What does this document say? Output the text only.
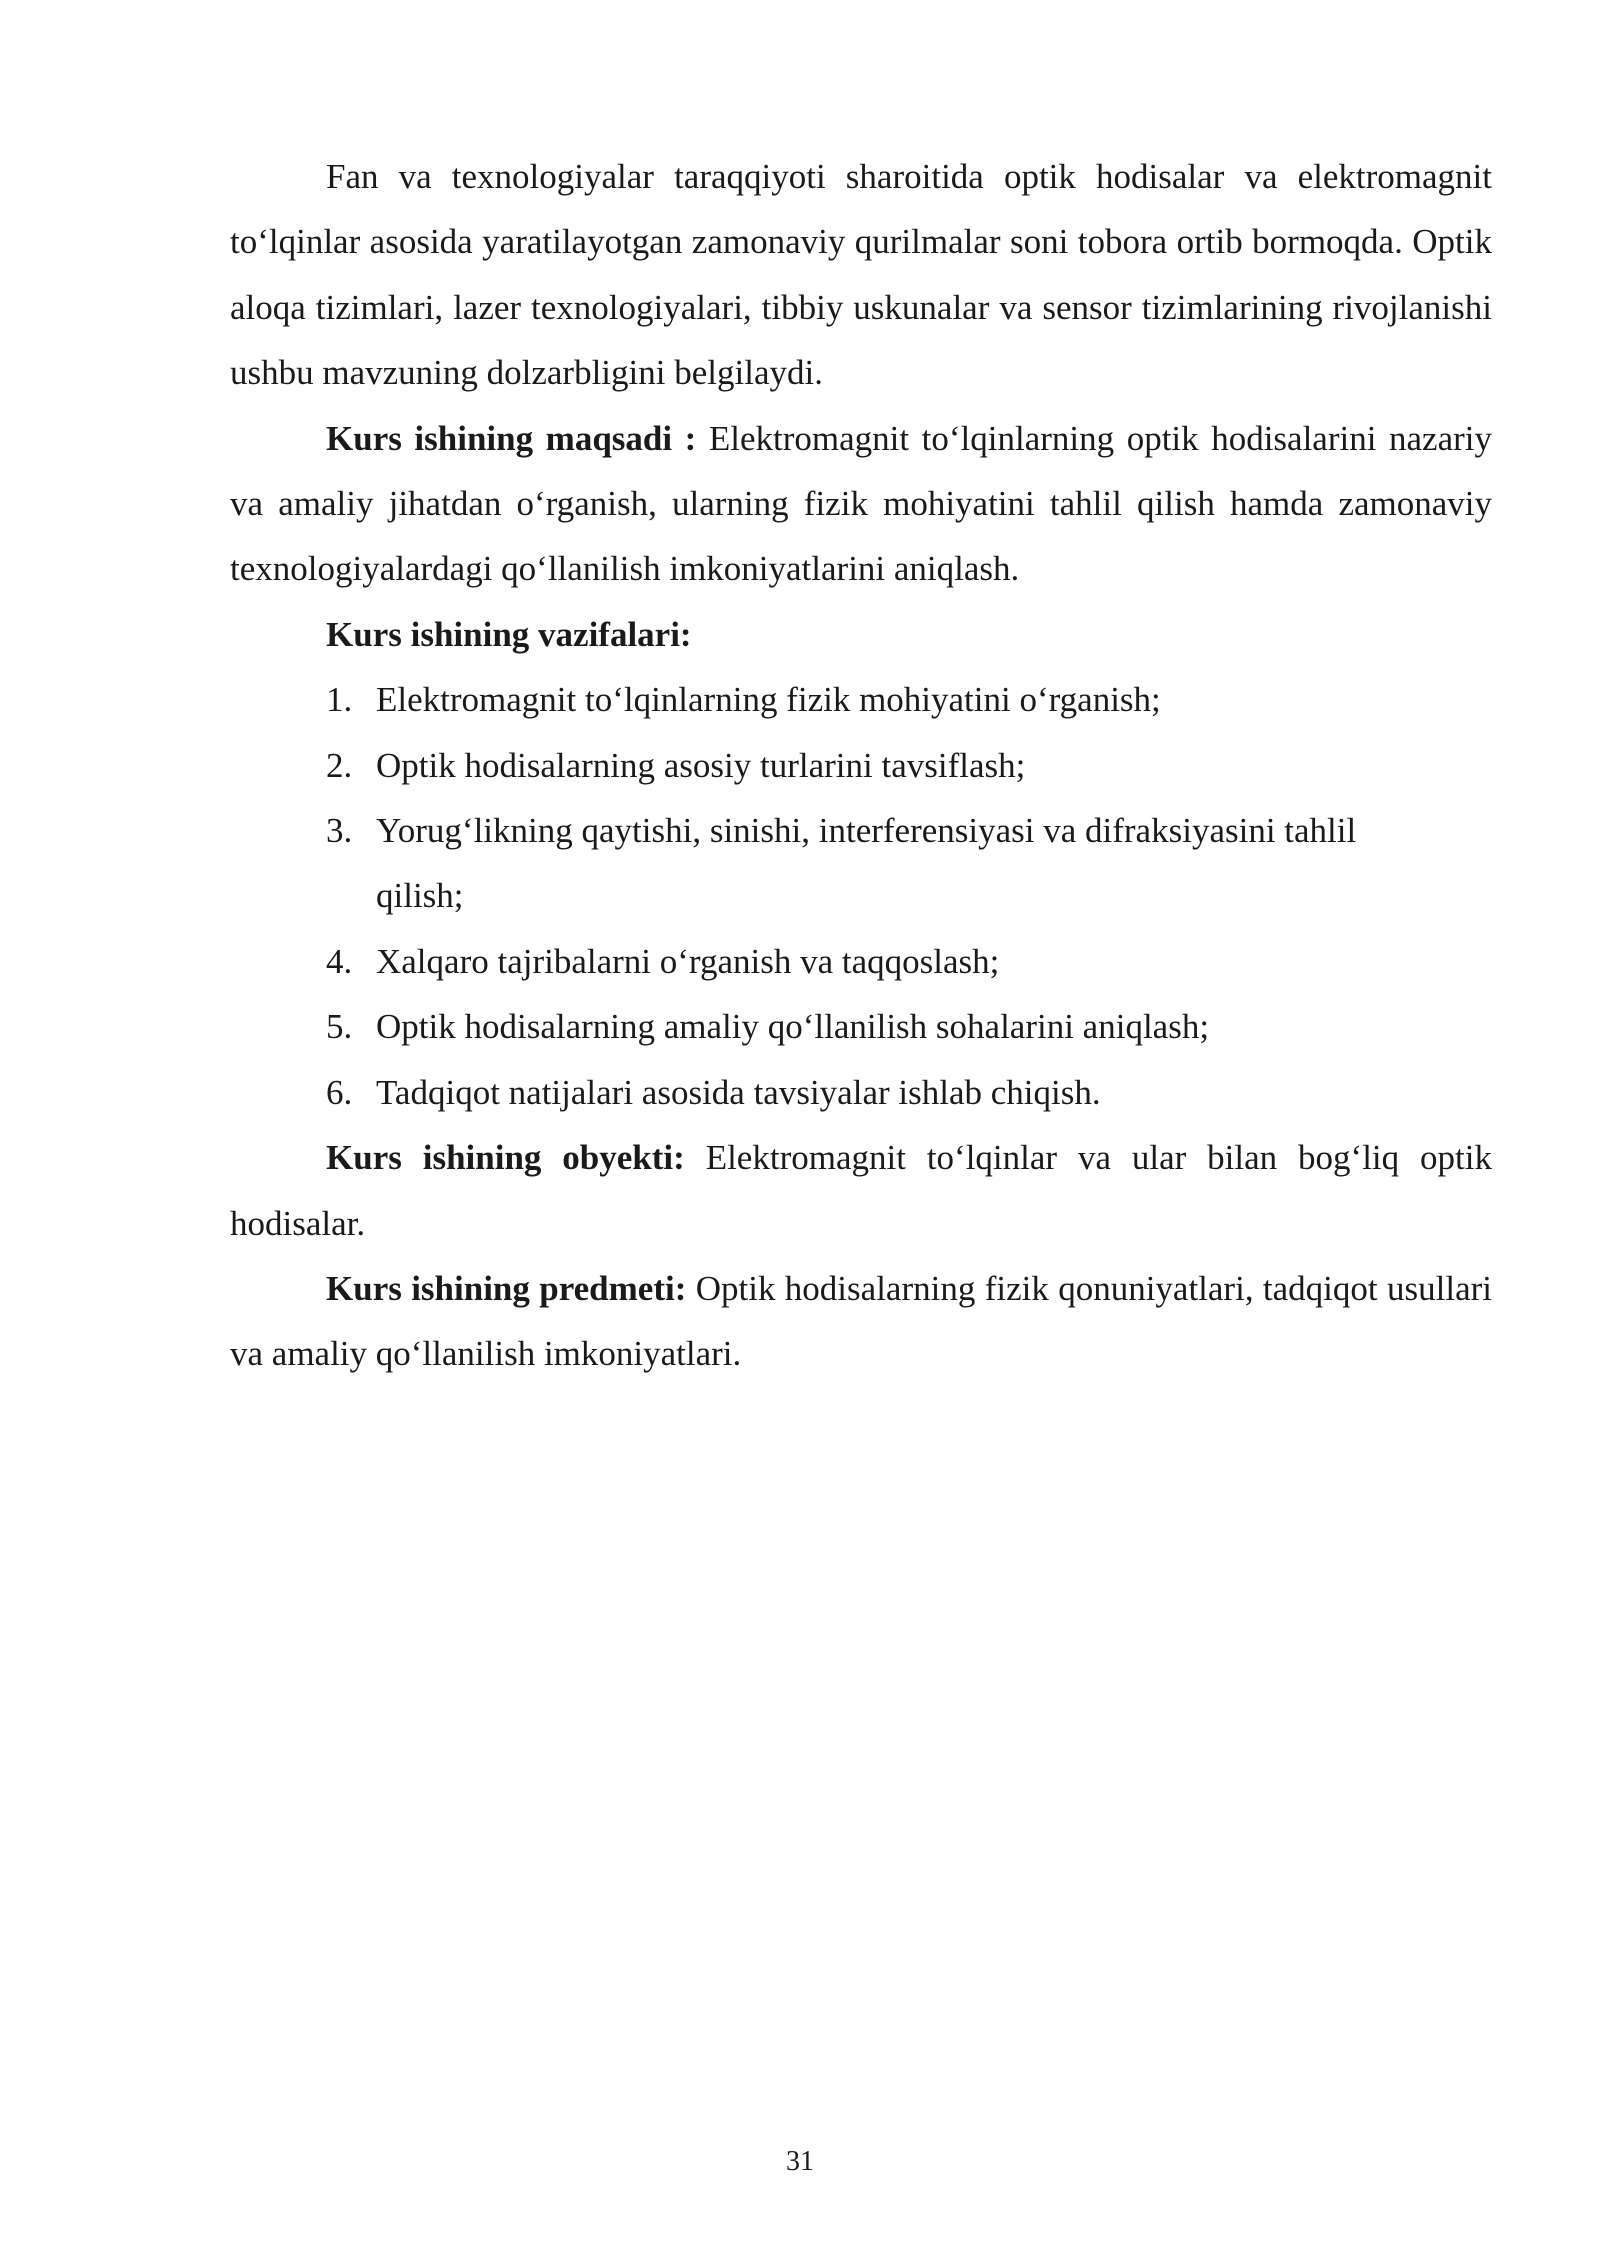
Fan va texnologiyalar taraqqiyoti sharoitida optik hodisalar va elektromagnit to‘lqinlar asosida yaratilayotgan zamonaviy qurilmalar soni tobora ortib bormoqda. Optik aloqa tizimlari, lazer texnologiyalari, tibbiy uskunalar va sensor tizimlarining rivojlanishi ushbu mavzuning dolzarbligini belgilaydi.

Kurs ishining maqsadi : Elektromagnit to‘lqinlarning optik hodisalarini nazariy va amaliy jihatdan o‘rganish, ularning fizik mohiyatini tahlil qilish hamda zamonaviy texnologiyalardagi qo‘llanilish imkoniyatlarini aniqlash.

Kurs ishining vazifalari:

1. Elektromagnit to‘lqinlarning fizik mohiyatini o‘rganish;
2. Optik hodisalarning asosiy turlarini tavsiflash;
3. Yorug‘likning qaytishi, sinishi, interferensiyasi va difraksiyasini tahlil qilish;
4. Xalqaro tajribalarni o‘rganish va taqqoslash;
5. Optik hodisalarning amaliy qo‘llanilish sohalarini aniqlash;
6. Tadqiqot natijalari asosida tavsiyalar ishlab chiqish.

Kurs ishining obyekti: Elektromagnit to‘lqinlar va ular bilan bog‘liq optik hodisalar.

Kurs ishining predmeti: Optik hodisalarning fizik qonuniyatlari, tadqiqot usullari va amaliy qo‘llanilish imkoniyatlari.

31
